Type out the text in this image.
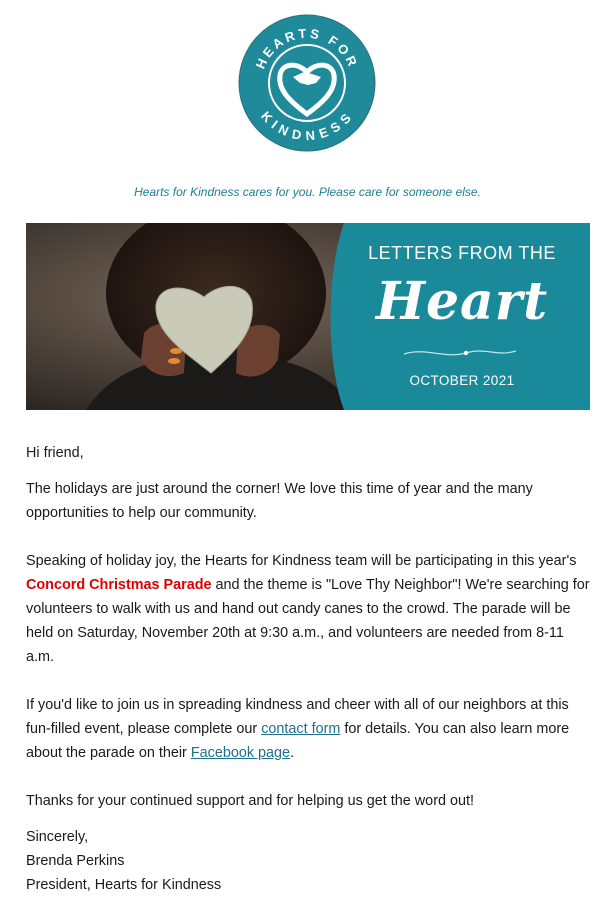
HEARTS FOR
KINDNESS
Hearts for Kindness cares for you. Please care for someone else.
LETTERS FROM THE
Heart
OCTOBER 2021

Hi friend,

The holidays are just around the corner! We love this time of year and the many opportunities to help our community.

Speaking of holiday joy, the Hearts for Kindness team will be participating in this year's Concord Christmas Parade and the theme is "Love Thy Neighbor"! We're searching for volunteers to walk with us and hand out candy canes to the crowd. The parade will be held on Saturday, November 20th at 9:30 a.m., and volunteers are needed from 8-11 a.m.

If you'd like to join us in spreading kindness and cheer with all of our neighbors at this fun-filled event, please complete our contact form for details. You can also learn more about the parade on their Facebook page.

Thanks for your continued support and for helping us get the word out!

Sincerely,

Brenda Perkins

President, Hearts for Kindness
